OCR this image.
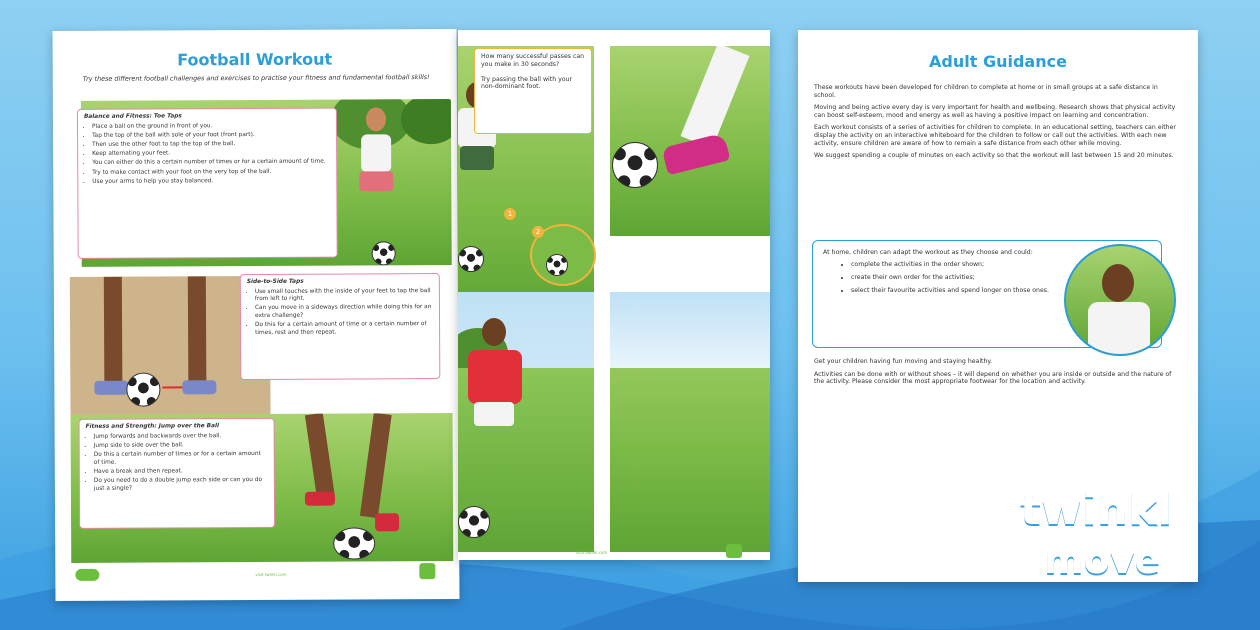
Football Workout
Try these different football challenges and exercises to practise your fitness and fundamental football skills!
Balance and Fitness: Toe Taps
• Place a ball on the ground in front of you.
• Tap the top of the ball with sole of your foot (front part).
• Then use the other foot to tap the top of the ball.
• Keep alternating your feet.
• You can either do this a certain number of times or for a certain amount of time.
• Try to make contact with your foot on the very top of the ball.
• Use your arms to help you stay balanced.
Side-to-Side Taps
• Use small touches with the inside of your feet to tap the ball from left to right.
• Can you move in a sideways direction while doing this for an extra challenge?
• Do this for a certain amount of time or a certain number of times, rest and then repeat.
Fitness and Strength: Jump over the Ball
• Jump forwards and backwards over the ball.
• Jump side to side over the ball.
• Do this a certain number of times or for a certain amount of time.
• Have a break and then repeat.
• Do you need to do a double jump each side or can you do just a single?
visit twinkl.com
How many successful passes can you make in 30 seconds?
Try passing the ball with your non-dominant foot.
1
2
visit twinkl.com
Adult Guidance

These workouts have been developed for children to complete at home or in small groups at a safe distance in school.

Moving and being active every day is very important for health and wellbeing. Research shows that physical activity can boost self-esteem, mood and energy as well as having a positive impact on learning and concentration.

Each workout consists of a series of activities for children to complete. In an educational setting, teachers can either display the activity on an interactive whiteboard for the children to follow or call out the activities. With each new activity, ensure children are aware of how to remain a safe distance from each other while moving.

We suggest spending a couple of minutes on each activity so that the workout will last between 15 and 20 minutes.

At home, children can adapt the workout as they choose and could:
• complete the activities in the order shown;
• create their own order for the activities;
• select their favourite activities and spend longer on those ones.

Get your children having fun moving and staying healthy.

Activities can be done with or without shoes – it will depend on whether you are inside or outside and the nature of the activity. Please consider the most appropriate footwear for the location and activity.

twinkl
move
